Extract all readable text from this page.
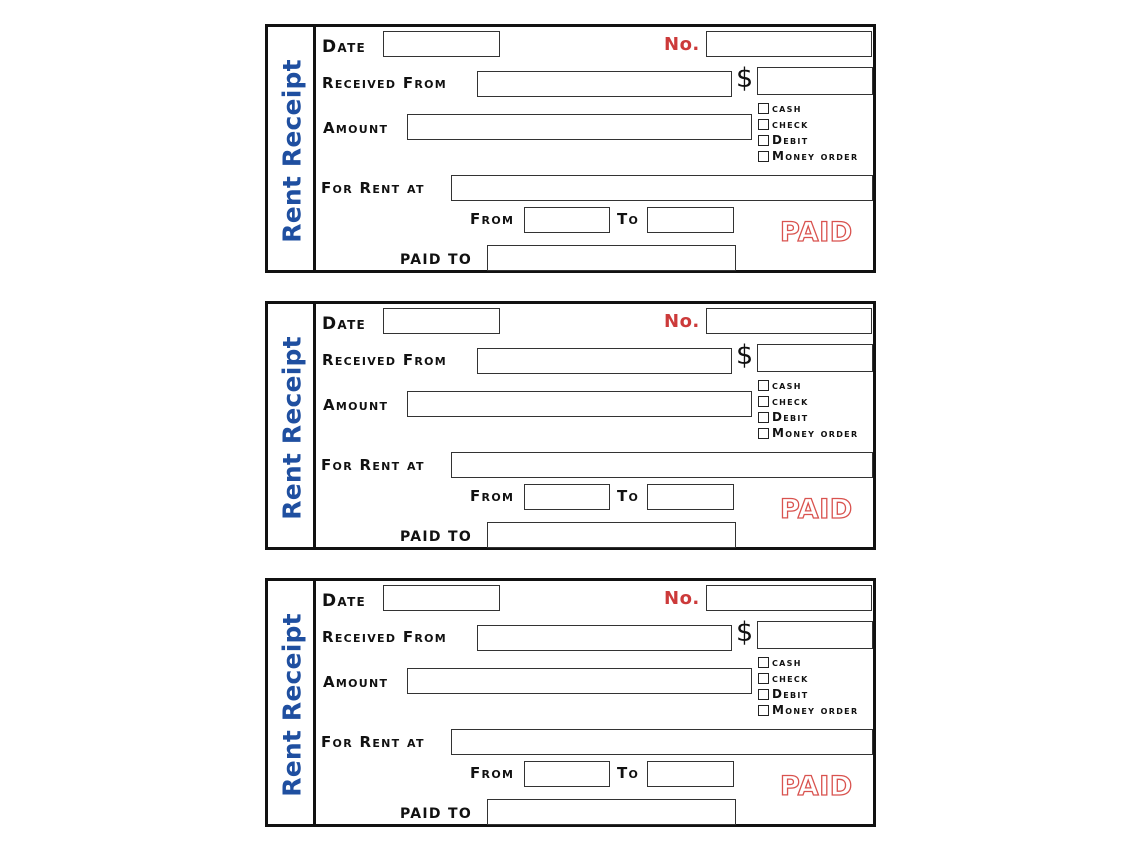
Rent Receipt
Date	No.
Received From	$
Amount
cash
check
Debit
Money order
For Rent at
From	To	PAID
PAID TO
Rent Receipt
Date	No.
Received From	$
Amount
cash
check
Debit
Money order
For Rent at
From	To	PAID
PAID TO
Rent Receipt
Date	No.
Received From	$
Amount
cash
check
Debit
Money order
For Rent at
From	To	PAID
PAID TO
